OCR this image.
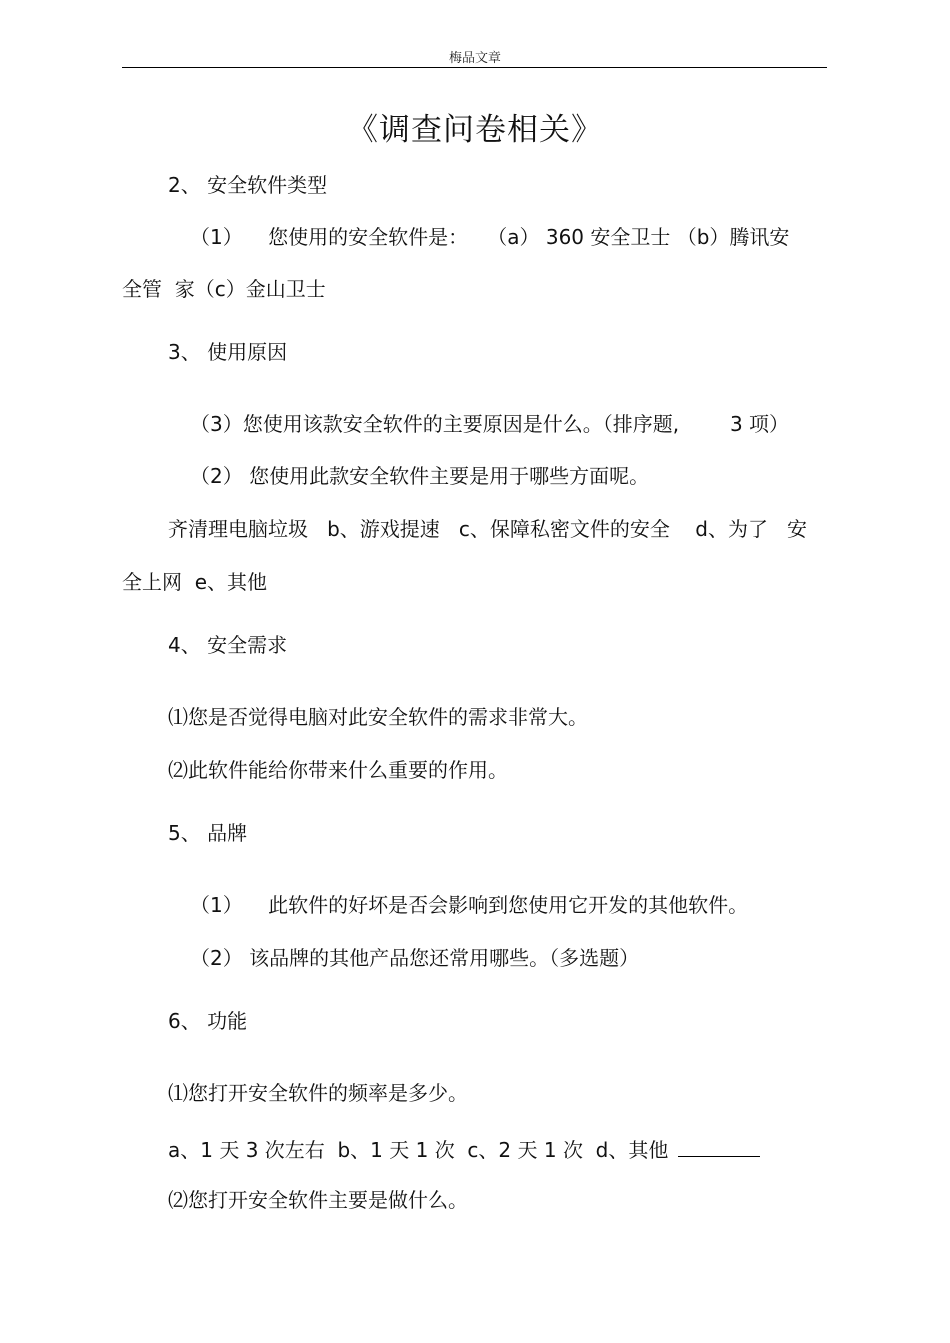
梅品文章
《调查问卷相关》
2、 安全软件类型
（1）    您使用的安全软件是：   （a） 360 安全卫士 （b）腾讯安
全管  家（c）金山卫士
3、 使用原因
（3）您使用该款安全软件的主要原因是什么。（排序题,        3 项）
（2） 您使用此款安全软件主要是用于哪些方面呢。
齐清理电脑垃圾   b、游戏提速   c、保障私密文件的安全    d、为了   安
全上网  e、其他
4、 安全需求
⑴您是否觉得电脑对此安全软件的需求非常大。
⑵此软件能给你带来什么重要的作用。
5、 品牌
（1）    此软件的好坏是否会影响到您使用它开发的其他软件。
（2） 该品牌的其他产品您还常用哪些。（多选题）
6、 功能
⑴您打开安全软件的频率是多少。
a、1 天 3 次左右  b、1 天 1 次  c、2 天 1 次  d、其他
⑵您打开安全软件主要是做什么。
